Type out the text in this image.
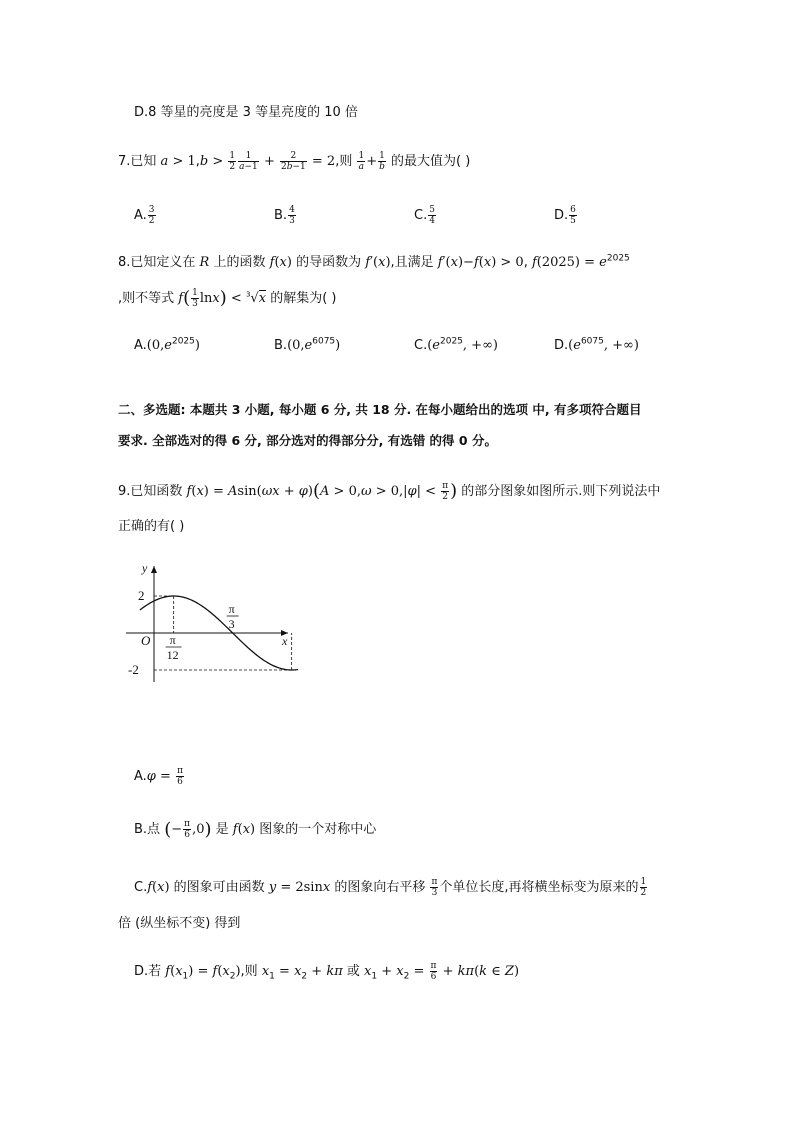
D.8 等星的亮度是 3 等星亮度的 10 倍
7.已知 $a > 1,b > \frac{1}{2} \frac{1}{a-1} + \frac{2}{2b-1} = 2$,则 $\frac{1}{a} + \frac{1}{b}$ 的最大值为( )
A. $\frac{3}{2}$	B. $\frac{4}{3}$	C. $\frac{5}{4}$	D. $\frac{6}{5}$
8.已知定义在 R 上的函数 f(x) 的导函数为 f′(x),且满足 f′(x)−f(x) > 0, $f(2025) = e^{2025}$
,则不等式 $f( \frac{1}{3} \ln x) < ^3√x$ 的解集为( )
$A.(0,e^{2025})$	$B.(0,e^{6075})$	$C.(e^{2025}$, +∞)	$D.(e^{6075}$, +∞)
二、多选题: 本题共 3 小题, 每小题 6 分, 共 18 分. 在每小题给出的选项 中, 有多项符合题目
要求. 全部选对的得 6 分, 部分选对的得部分分, 有选错 的得 0 分。
9.已知函数 $f(x) = Asin(\omega x + \varphi)(A > 0,\omega > 0,|\varphi| < \frac{\pi}{2}$ ) 的部分图象如图所示.则下列说法中
正确的有( )
y
x
2
-2
O π
12
π
3
$A.\varphi = \frac{\pi}{6}$
B.点 (− $\frac{\pi}{6} ,0$) 是 f(x) 图象的一个对称中心
C.f(x) 的图象可由函数 y = 2sinx 的图象向右平移 $\frac{\pi}{3}$ 个单位长度,再将横坐标变为原来的 $\frac{1}{2}$
倍 (纵坐标不变) 得到
D.若 $f(x_1) = f(x_2)$,则 $x_1 = x_2 + k\pi$ 或 $x_1 + x_2 = \frac{\pi}{6} + k\pi(k$ ∈ Z)
